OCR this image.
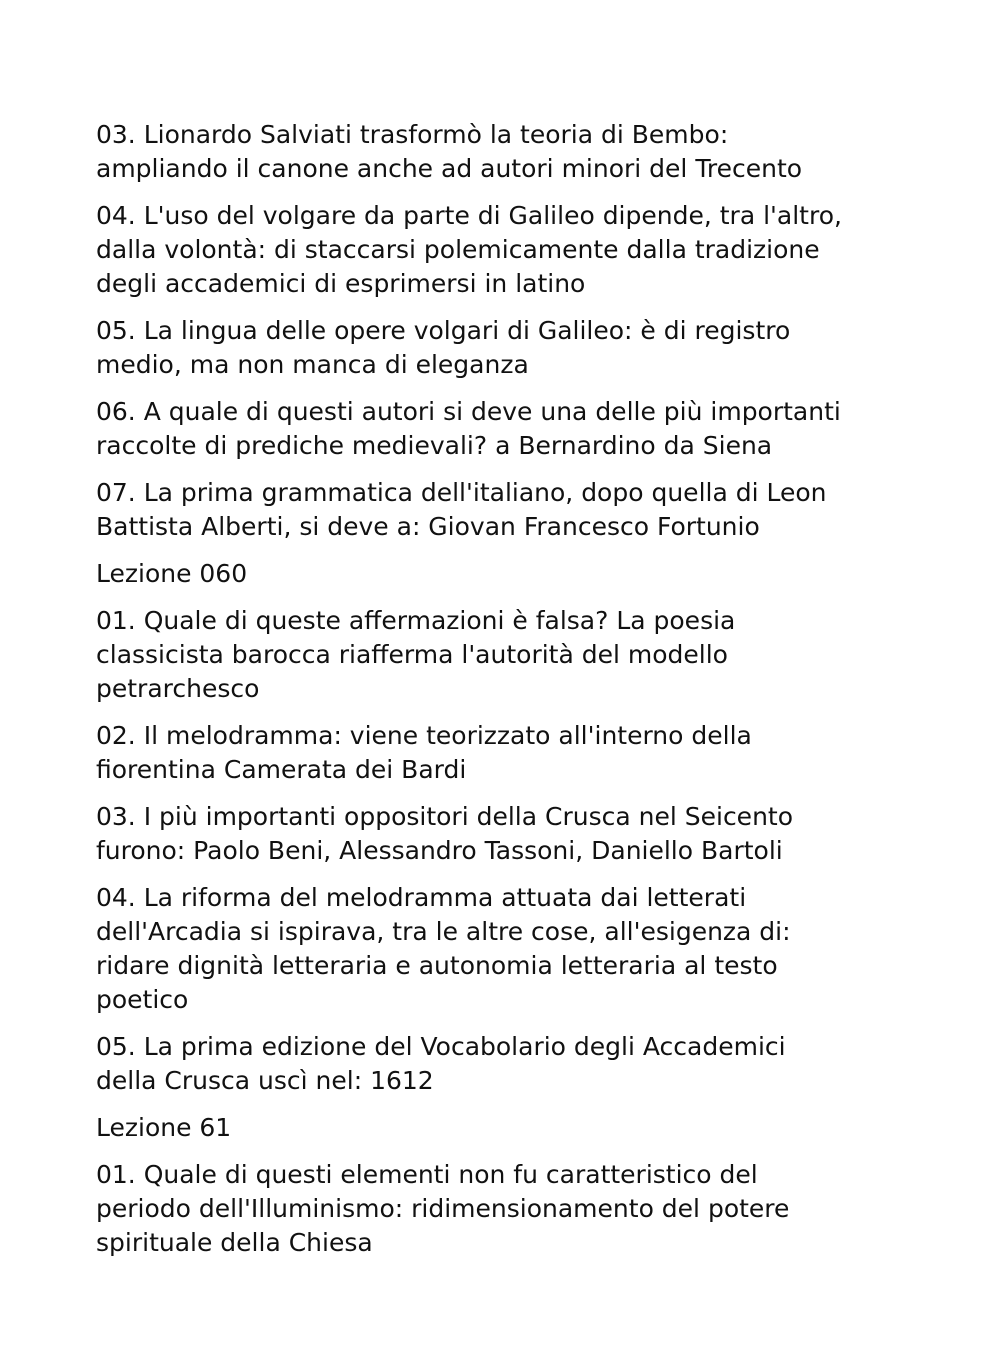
03. Lionardo Salviati trasformò la teoria di Bembo:
ampliando il canone anche ad autori minori del Trecento

04. L'uso del volgare da parte di Galileo dipende, tra l'altro,
dalla volontà: di staccarsi polemicamente dalla tradizione
degli accademici di esprimersi in latino

05. La lingua delle opere volgari di Galileo: è di registro
medio, ma non manca di eleganza

06. A quale di questi autori si deve una delle più importanti
raccolte di prediche medievali? a Bernardino da Siena

07. La prima grammatica dell'italiano, dopo quella di Leon
Battista Alberti, si deve a: Giovan Francesco Fortunio

Lezione 060

01. Quale di queste affermazioni è falsa? La poesia
classicista barocca riafferma l'autorità del modello
petrarchesco

02. Il melodramma: viene teorizzato all'interno della
fiorentina Camerata dei Bardi

03. I più importanti oppositori della Crusca nel Seicento
furono: Paolo Beni, Alessandro Tassoni, Daniello Bartoli

04. La riforma del melodramma attuata dai letterati
dell'Arcadia si ispirava, tra le altre cose, all'esigenza di:
ridare dignità letteraria e autonomia letteraria al testo
poetico

05. La prima edizione del Vocabolario degli Accademici
della Crusca uscì nel: 1612

Lezione 61

01. Quale di questi elementi non fu caratteristico del
periodo dell'Illuminismo: ridimensionamento del potere
spirituale della Chiesa
